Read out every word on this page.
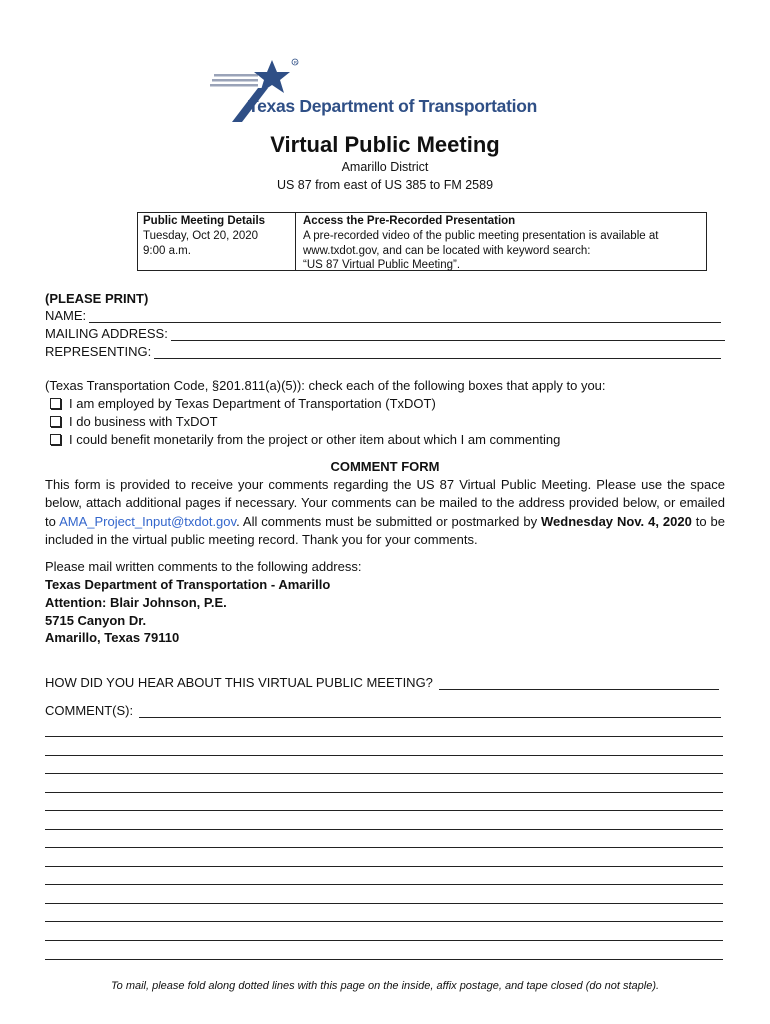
R
Texas Department of Transportation
Virtual Public Meeting
Amarillo District
US 87 from east of US 385 to FM 2589
Public Meeting Details
Tuesday, Oct 20, 2020
9:00 a.m.
Access the Pre-Recorded Presentation
A pre-recorded video of the public meeting presentation is available at
www.txdot.gov, and can be located with keyword search:
“US 87 Virtual Public Meeting”.
(PLEASE PRINT)
NAME:
MAILING ADDRESS:
REPRESENTING:
(Texas Transportation Code, §201.811(a)(5)): check each of the following boxes that apply to you:
I am employed by Texas Department of Transportation (TxDOT)
I do business with TxDOT
I could benefit monetarily from the project or other item about which I am commenting
COMMENT FORM
This form is provided to receive your comments regarding the US 87 Virtual Public Meeting. Please use the space below, attach additional pages if necessary. Your comments can be mailed to the address provided below, or emailed to AMA_Project_Input@txdot.gov. All comments must be submitted or postmarked by Wednesday Nov. 4, 2020 to be included in the virtual public meeting record. Thank you for your comments.
Please mail written comments to the following address:
Texas Department of Transportation - Amarillo
Attention: Blair Johnson, P.E.
5715 Canyon Dr.
Amarillo, Texas 79110
HOW DID YOU HEAR ABOUT THIS VIRTUAL PUBLIC MEETING?
COMMENT(S):
To mail, please fold along dotted lines with this page on the inside, affix postage, and tape closed (do not staple).
